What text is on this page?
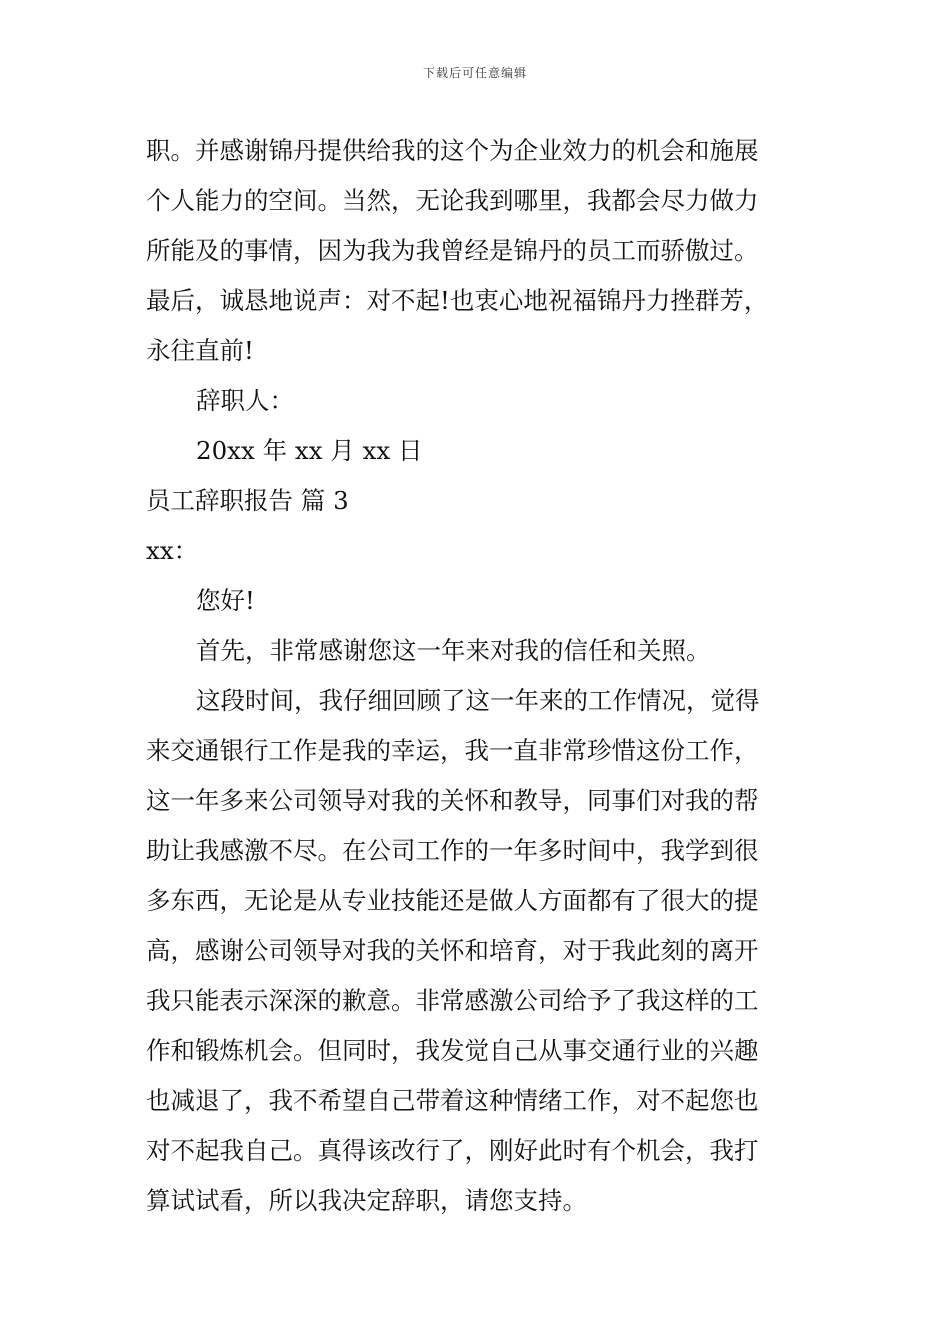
下载后可任意编辑
职。并感谢锦丹提供给我的这个为企业效力的机会和施展
个人能力的空间。当然，无论我到哪里，我都会尽力做力
所能及的事情，因为我为我曾经是锦丹的员工而骄傲过。
最后，诚恳地说声：对不起!也衷心地祝福锦丹力挫群芳，
永往直前!
辞职人：
20xx 年 xx 月 xx 日
员工辞职报告 篇 3
xx：
您好!
首先，非常感谢您这一年来对我的信任和关照。
这段时间，我仔细回顾了这一年来的工作情况，觉得
来交通银行工作是我的幸运，我一直非常珍惜这份工作，
这一年多来公司领导对我的关怀和教导，同事们对我的帮
助让我感激不尽。在公司工作的一年多时间中，我学到很
多东西，无论是从专业技能还是做人方面都有了很大的提
高，感谢公司领导对我的关怀和培育，对于我此刻的离开
我只能表示深深的歉意。非常感激公司给予了我这样的工
作和锻炼机会。但同时，我发觉自己从事交通行业的兴趣
也减退了，我不希望自己带着这种情绪工作，对不起您也
对不起我自己。真得该改行了，刚好此时有个机会，我打
算试试看，所以我决定辞职，请您支持。
